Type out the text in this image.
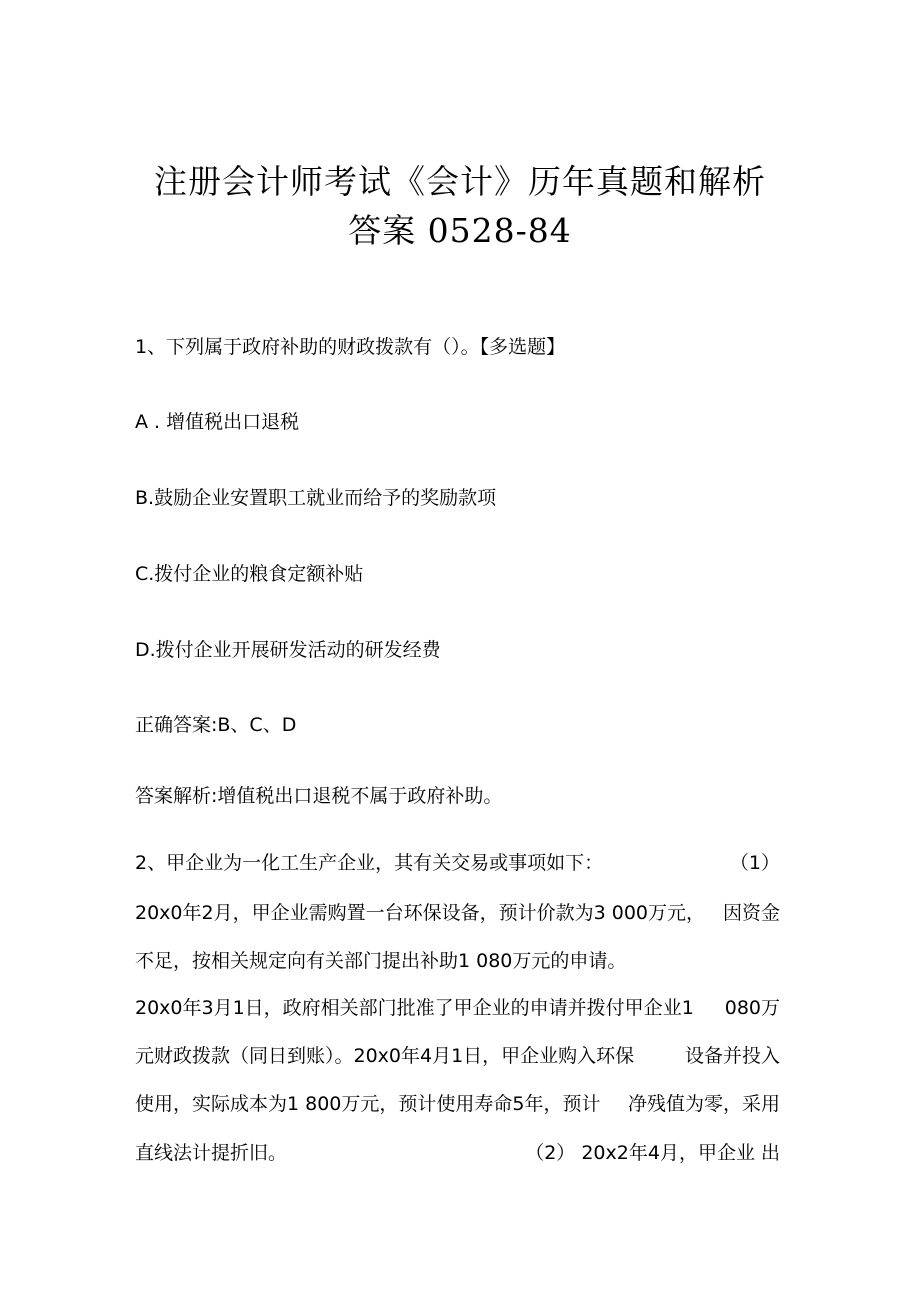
注册会计师考试《会计》历年真题和解析
答案 0528-84
1、下列属于政府补助的财政拨款有（）。【多选题】
A . 增值税出口退税
B.鼓励企业安置职工就业而给予的奖励款项
C.拨付企业的粮食定额补贴
D.拨付企业开展研发活动的研发经费
正确答案:B、C、D
答案解析:增值税出口退税不属于政府补助。
2、甲企业为一化工生产企业，其有关交易或事项如下：	（1）
20x0年2月，甲企业需购置一台环保设备，预计价款为3 000万元， 因资金
不足，按相关规定向有关部门提出补助1 080万元的申请。
20x0年3月1日，政府相关部门批准了甲企业的申请并拨付甲企业1 080万
元财政拨款（同日到账）。20x0年4月1日，甲企业购入环保	设备并投入
使用，实际成本为1 800万元，预计使用寿命5年，预计 净残值为零，采用
直线法计提折旧。	（2） 20x2年4月，甲企业 出
